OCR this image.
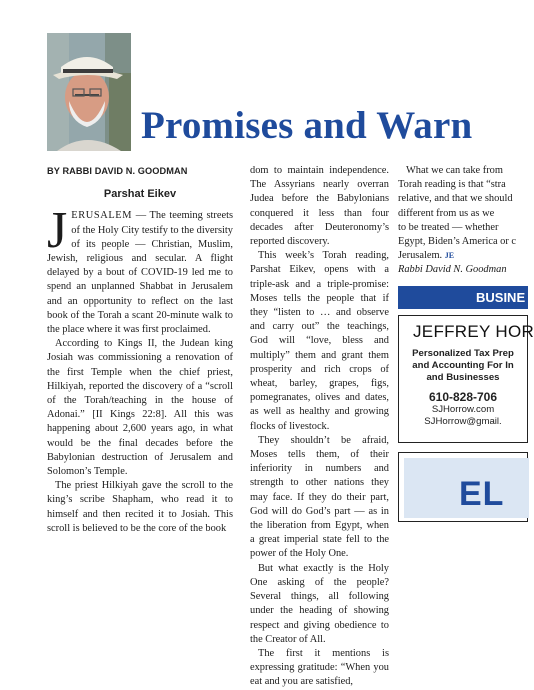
Promises and Warn
BY RABBI DAVID N. GOODMAN
Parshat Eikev

JERUSALEM — The teeming streets of the Holy City testify to the diversity of its people — Christian, Muslim, Jewish, religious and secular. A flight delayed by a bout of COVID-19 led me to spend an unplanned Shabbat in Jerusalem and an opportunity to reflect on the last book of the Torah a scant 20-minute walk to the place where it was first proclaimed.

According to Kings II, the Judean king Josiah was commissioning a renovation of the first Temple when the chief priest, Hilkiyah, reported the discovery of a “scroll of the Torah/teaching in the house of Adonai.” [II Kings 22:8]. All this was happening about 2,600 years ago, in what would be the final decades before the Babylonian destruction of Jerusalem and Solomon’s Temple.

The priest Hilkiyah gave the scroll to the king’s scribe Shapham, who read it to himself and then recited it to Josiah. This scroll is believed to be the core of the book

dom to maintain independence. The Assyrians nearly overran Judea before the Babylonians conquered it less than four decades after Deuteronomy’s reported discovery.

This week’s Torah reading, Parshat Eikev, opens with a triple-ask and a triple-promise: Moses tells the people that if they “listen to … and observe and carry out” the teachings, God will “love, bless and multiply” them and grant them prosperity and rich crops of wheat, barley, grapes, figs, pomegranates, olives and dates, as well as healthy and growing flocks of livestock.

They shouldn’t be afraid, Moses tells them, of their inferiority in numbers and strength to other nations they may face. If they do their part, God will do God’s part — as in the liberation from Egypt, when a great imperial state fell to the power of the Holy One.

But what exactly is the Holy One asking of the people? Several things, all following under the heading of showing respect and giving obedience to the Creator of All.

The first it mentions is expressing gratitude: “When you eat and you are satisfied,

What we can take from

Torah reading is that “stra

relative, and that we should

different from us as we

to be treated — whether

Egypt, Biden’s America or c

Jerusalem. JE

Rabbi David N. Goodman

BUSINE
JEFFREY HOR
Personalized Tax Prep
and Accounting For In
and Businesses
610-828-706
SJHorrow.com
SJHorrow@gmail.
EL
